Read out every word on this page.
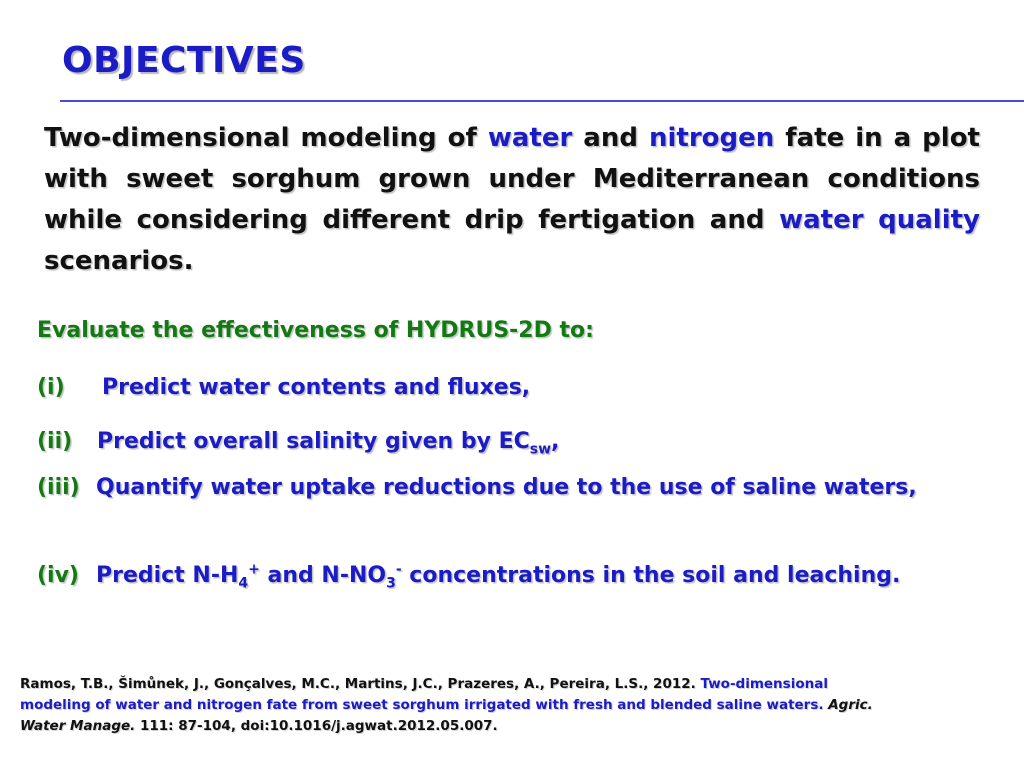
OBJECTIVES
Two-dimensional modeling of water and nitrogen fate in a plot with sweet sorghum grown under Mediterranean conditions while considering different drip fertigation and water quality scenarios.
Evaluate the effectiveness of HYDRUS-2D to:
(i) Predict water contents and fluxes,
(ii) Predict overall salinity given by $EC_{sw}$,
(iii) Quantify water uptake reductions due to the use of saline waters,
(iv) Predict $N-H_4^+$ and $N-NO_3^-$ concentrations in the soil and leaching.
Ramos, T.B., Šimůnek, J., Gonçalves, M.C., Martins, J.C., Prazeres, A., Pereira, L.S., 2012. Two-dimensional modeling of water and nitrogen fate from sweet sorghum irrigated with fresh and blended saline waters. Agric. Water Manage. 111: 87-104, doi:10.1016/j.agwat.2012.05.007.
